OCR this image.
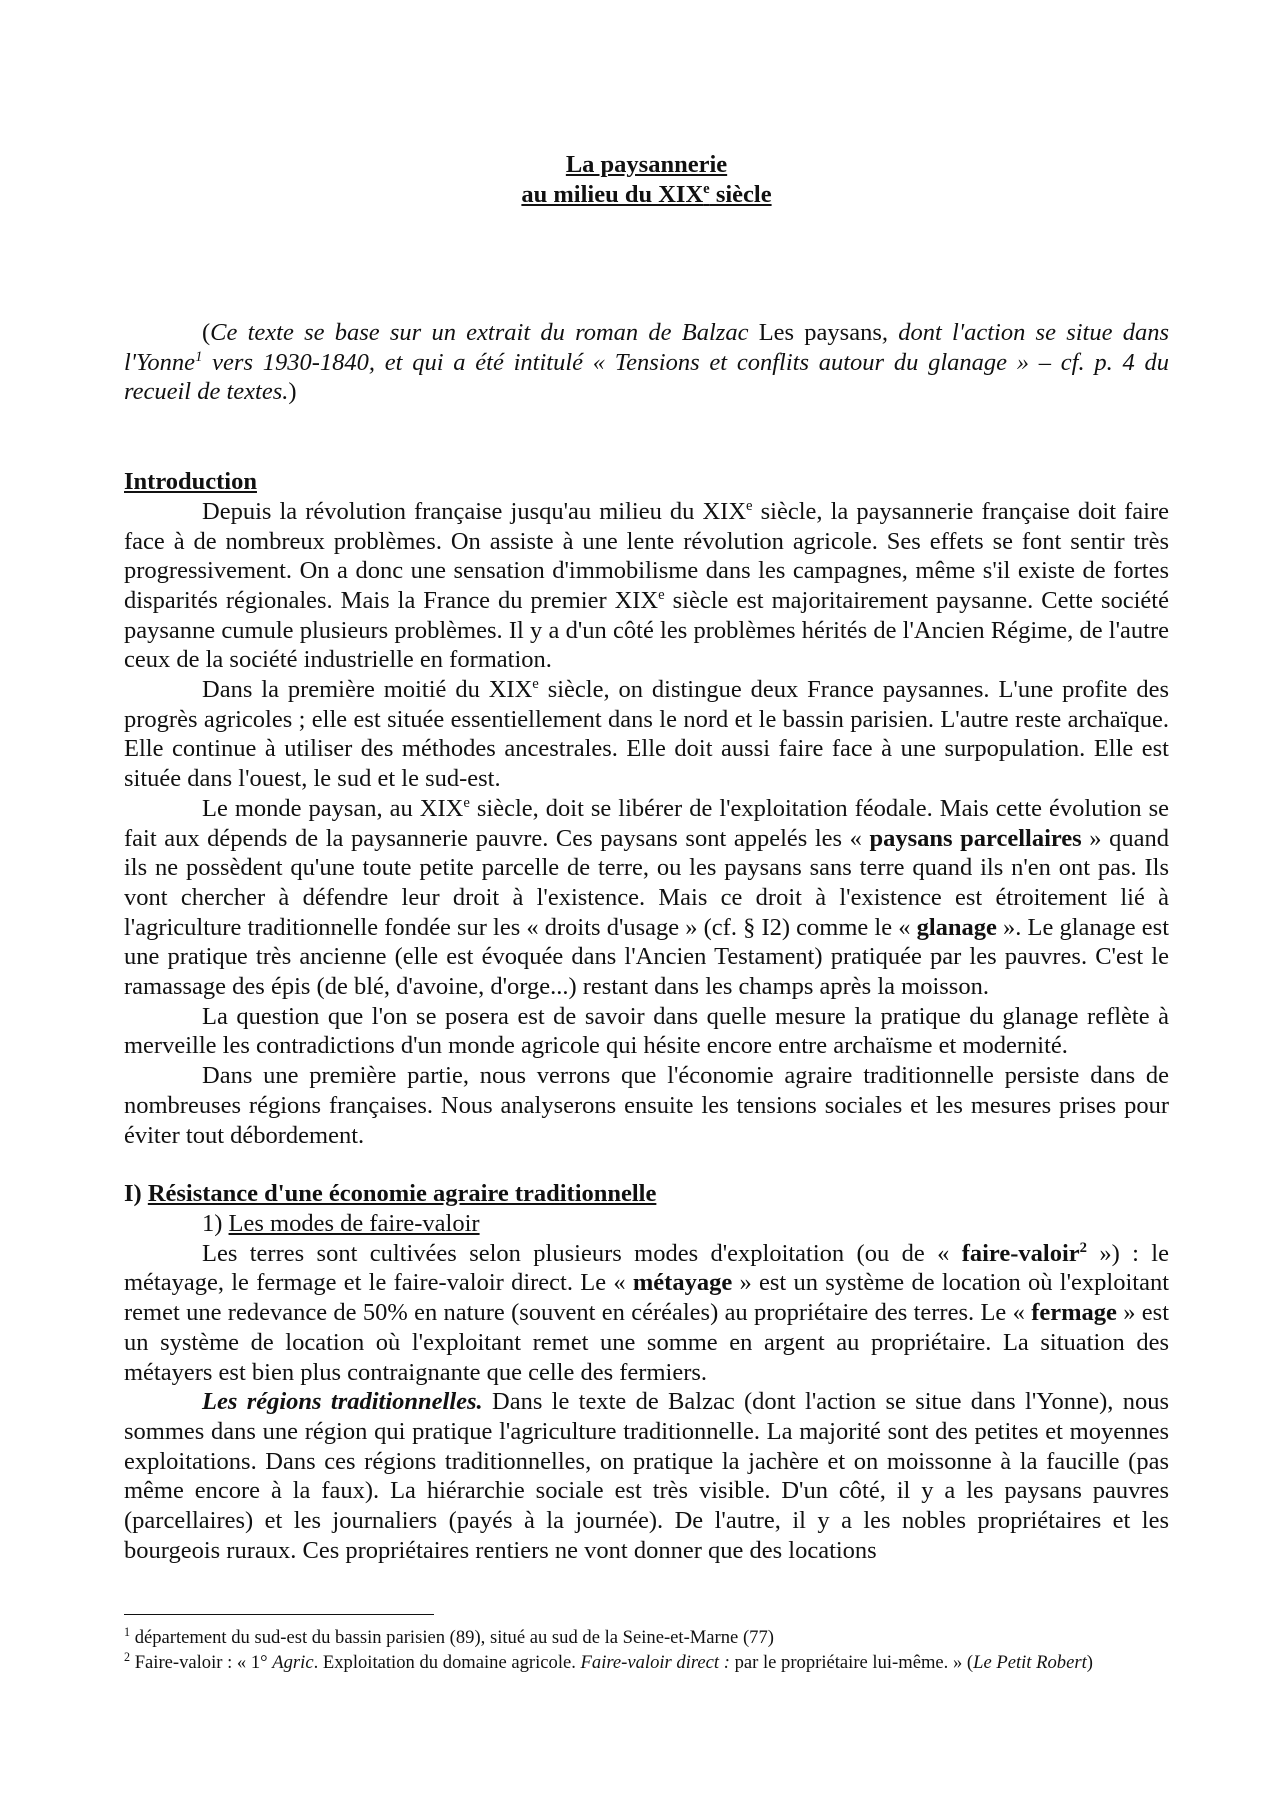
La paysannerie
au milieu du XIXe siècle

(Ce texte se base sur un extrait du roman de Balzac Les paysans, dont l'action se situe dans l'Yonne$^1$ vers 1930-1840, et qui a été intitulé « Tensions et conflits autour du glanage » – cf. p. 4 du recueil de textes.)

Introduction

Depuis la révolution française jusqu'au milieu du XIXe siècle, la paysannerie française doit faire face à de nombreux problèmes. On assiste à une lente révolution agricole. Ses effets se font sentir très progressivement. On a donc une sensation d'immobilisme dans les campagnes, même s'il existe de fortes disparités régionales. Mais la France du premier XIXe siècle est majoritairement paysanne. Cette société paysanne cumule plusieurs problèmes. Il y a d'un côté les problèmes hérités de l'Ancien Régime, de l'autre ceux de la société industrielle en formation.

Dans la première moitié du XIXe siècle, on distingue deux France paysannes. L'une profite des progrès agricoles ; elle est située essentiellement dans le nord et le bassin parisien. L'autre reste archaïque. Elle continue à utiliser des méthodes ancestrales. Elle doit aussi faire face à une surpopulation. Elle est située dans l'ouest, le sud et le sud-est.

Le monde paysan, au XIXe siècle, doit se libérer de l'exploitation féodale. Mais cette évolution se fait aux dépends de la paysannerie pauvre. Ces paysans sont appelés les « paysans parcellaires » quand ils ne possèdent qu'une toute petite parcelle de terre, ou les paysans sans terre quand ils n'en ont pas. Ils vont chercher à défendre leur droit à l'existence. Mais ce droit à l'existence est étroitement lié à l'agriculture traditionnelle fondée sur les « droits d'usage » (cf. § I2) comme le « glanage ». Le glanage est une pratique très ancienne (elle est évoquée dans l'Ancien Testament) pratiquée par les pauvres. C'est le ramassage des épis (de blé, d'avoine, d'orge...) restant dans les champs après la moisson.

La question que l'on se posera est de savoir dans quelle mesure la pratique du glanage reflète à merveille les contradictions d'un monde agricole qui hésite encore entre archaïsme et modernité.

Dans une première partie, nous verrons que l'économie agraire traditionnelle persiste dans de nombreuses régions françaises. Nous analyserons ensuite les tensions sociales et les mesures prises pour éviter tout débordement.

I) Résistance d'une économie agraire traditionnelle
1) Les modes de faire-valoir

Les terres sont cultivées selon plusieurs modes d'exploitation (ou de « faire-valoir$^2$ ») : le métayage, le fermage et le faire-valoir direct. Le « métayage » est un système de location où l'exploitant remet une redevance de 50% en nature (souvent en céréales) au propriétaire des terres. Le « fermage » est un système de location où l'exploitant remet une somme en argent au propriétaire. La situation des métayers est bien plus contraignante que celle des fermiers.

Les régions traditionnelles. Dans le texte de Balzac (dont l'action se situe dans l'Yonne), nous sommes dans une région qui pratique l'agriculture traditionnelle. La majorité sont des petites et moyennes exploitations. Dans ces régions traditionnelles, on pratique la jachère et on moissonne à la faucille (pas même encore à la faux). La hiérarchie sociale est très visible. D'un côté, il y a les paysans pauvres (parcellaires) et les journaliers (payés à la journée). De l'autre, il y a les nobles propriétaires et les bourgeois ruraux. Ces propriétaires rentiers ne vont donner que des locations

$^1$ département du sud-est du bassin parisien (89), situé au sud de la Seine-et-Marne (77)
$^2$ Faire-valoir : « 1° Agric. Exploitation du domaine agricole. Faire-valoir direct : par le propriétaire lui-même. » (Le Petit Robert)
